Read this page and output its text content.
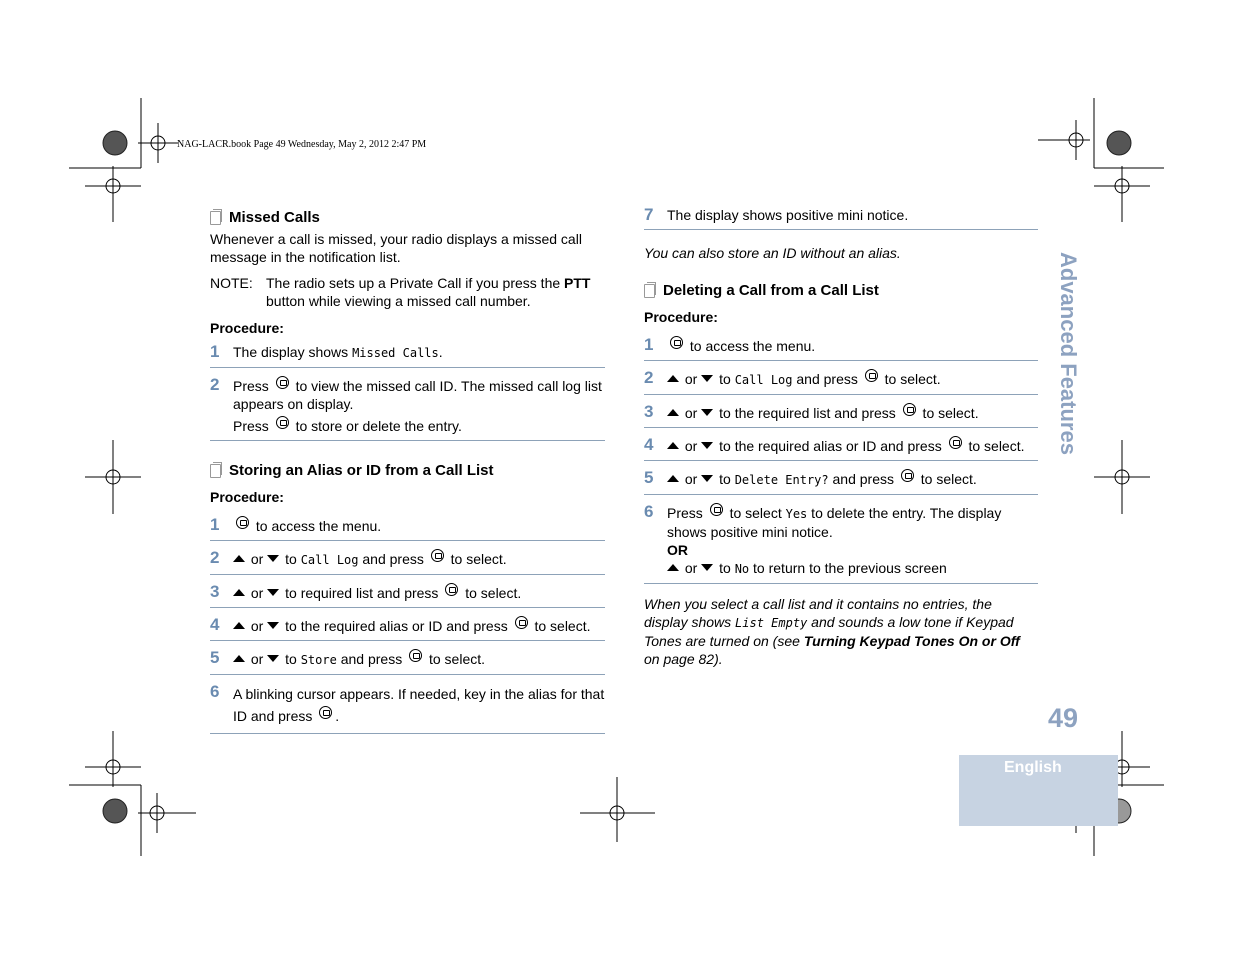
NAG-LACR.book Page 49 Wednesday, May 2, 2012 2:47 PM
Missed Calls

Whenever a call is missed, your radio displays a missed call message in the notification list.

NOTE: The radio sets up a Private Call if you press the PTT button while viewing a missed call number.
Procedure:
1 The display shows Missed Calls.
2 Press  to view the missed call ID. The missed call log list appears on display.
Press  to store or delete the entry.
Storing an Alias or ID from a Call List
Procedure:
1	to access the menu.
2	or  to Call Log and press  to select.
3	or  to required list and press  to select.
4	or  to the required alias or ID and press  to select.
5	or  to Store and press  to select.
6 A blinking cursor appears. If needed, key in the alias for that ID and press .
7 The display shows positive mini notice.

You can also store an ID without an alias.

Deleting a Call from a Call List
Procedure:
1	to access the menu.
2	or  to Call Log and press  to select.
3	or  to the required list and press  to select.
4	or  to the required alias or ID and press  to select.
5	or  to Delete Entry? and press  to select.
6 Press  to select Yes to delete the entry. The display shows positive mini notice.
OR
or  to No to return to the previous screen

When you select a call list and it contains no entries, the display shows List Empty and sounds a low tone if Keypad Tones are turned on (see Turning Keypad Tones On or Off on page 82).

Advanced Features
49
English
